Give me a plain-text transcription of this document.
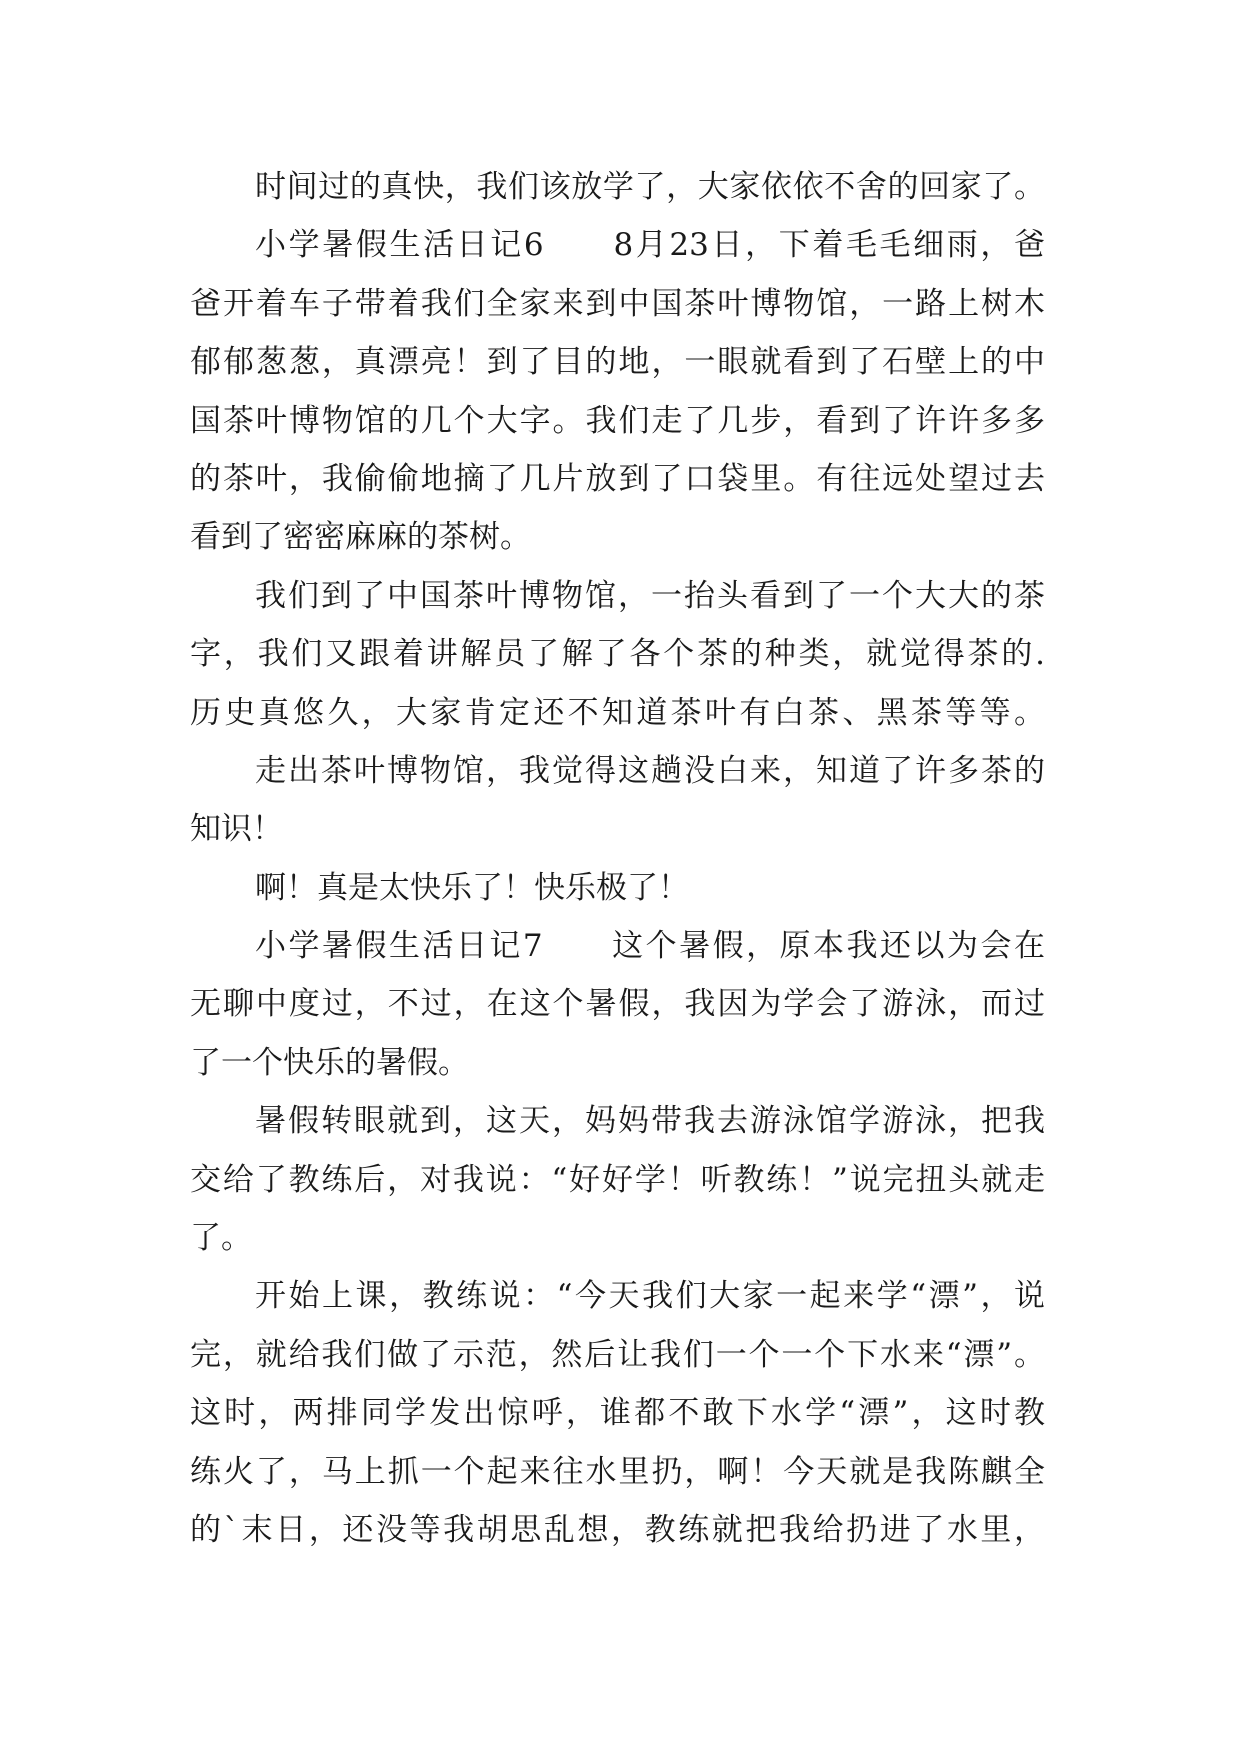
时间过的真快，我们该放学了，大家依依不舍的回家了。
小学暑假生活日记6　　8月23日，下着毛毛细雨，爸
爸开着车子带着我们全家来到中国茶叶博物馆，一路上树木
郁郁葱葱，真漂亮！到了目的地，一眼就看到了石壁上的中
国茶叶博物馆的几个大字。我们走了几步，看到了许许多多
的茶叶，我偷偷地摘了几片放到了口袋里。有往远处望过去
看到了密密麻麻的茶树。
我们到了中国茶叶博物馆，一抬头看到了一个大大的茶
字，我们又跟着讲解员了解了各个茶的种类，就觉得茶的.
历史真悠久，大家肯定还不知道茶叶有白茶、黑茶等等。
走出茶叶博物馆，我觉得这趟没白来，知道了许多茶的
知识！
啊！真是太快乐了！快乐极了！
小学暑假生活日记7　　这个暑假，原本我还以为会在
无聊中度过，不过，在这个暑假，我因为学会了游泳，而过
了一个快乐的暑假。
暑假转眼就到，这天，妈妈带我去游泳馆学游泳，把我
交给了教练后，对我说：“好好学！听教练！”说完扭头就走
了。
开始上课，教练说：“今天我们大家一起来学“漂”，说
完，就给我们做了示范，然后让我们一个一个下水来“漂”。
这时，两排同学发出惊呼，谁都不敢下水学“漂”，这时教
练火了，马上抓一个起来往水里扔，啊！今天就是我陈麒全
的`末日，还没等我胡思乱想，教练就把我给扔进了水里，
